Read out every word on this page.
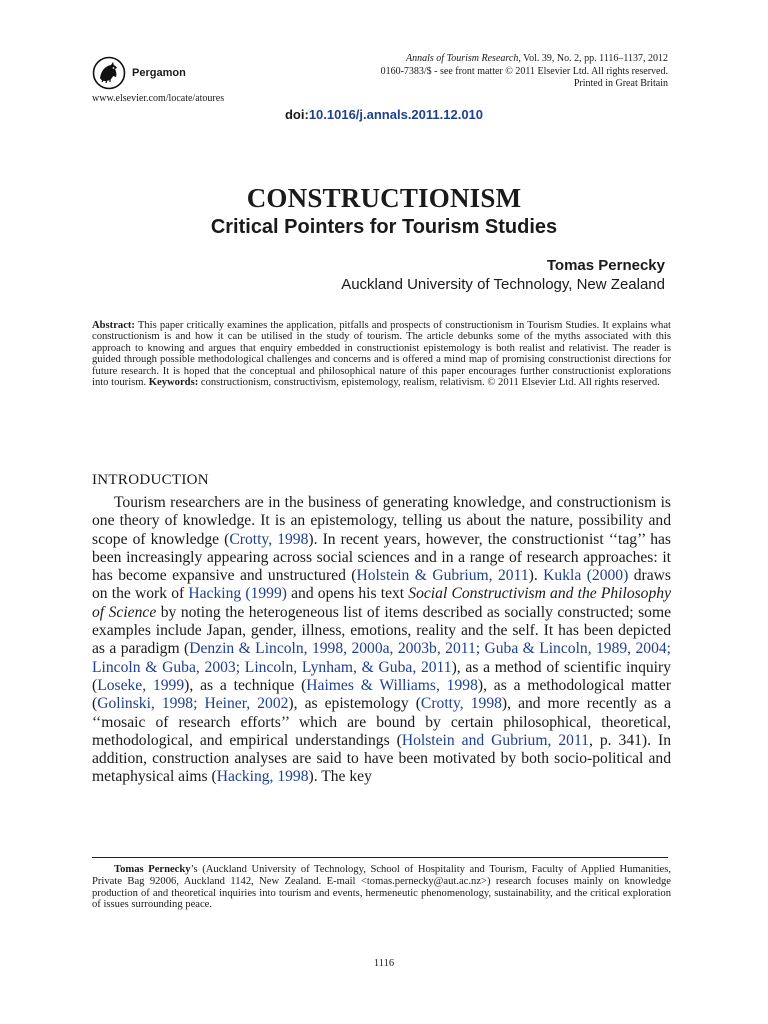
Pergamon
Annals of Tourism Research, Vol. 39, No. 2, pp. 1116–1137, 2012
0160-7383/$ - see front matter © 2011 Elsevier Ltd. All rights reserved.
Printed in Great Britain
www.elsevier.com/locate/atoures
doi:10.1016/j.annals.2011.12.010
CONSTRUCTIONISM
Critical Pointers for Tourism Studies
Tomas Pernecky
Auckland University of Technology, New Zealand
Abstract: This paper critically examines the application, pitfalls and prospects of constructionism in Tourism Studies. It explains what constructionism is and how it can be utilised in the study of tourism. The article debunks some of the myths associated with this approach to knowing and argues that enquiry embedded in constructionist epistemology is both realist and relativist. The reader is guided through possible methodological challenges and concerns and is offered a mind map of promising constructionist directions for future research. It is hoped that the conceptual and philosophical nature of this paper encourages further constructionist explorations into tourism. Keywords: constructionism, constructivism, epistemology, realism, relativism. © 2011 Elsevier Ltd. All rights reserved.
INTRODUCTION
Tourism researchers are in the business of generating knowledge, and constructionism is one theory of knowledge. It is an epistemology, telling us about the nature, possibility and scope of knowledge (Crotty, 1998). In recent years, however, the constructionist ‘‘tag’’ has been increasingly appearing across social sciences and in a range of research approaches: it has become expansive and unstructured (Holstein & Gubrium, 2011). Kukla (2000) draws on the work of Hacking (1999) and opens his text Social Constructivism and the Philosophy of Science by noting the heterogeneous list of items described as socially constructed; some examples include Japan, gender, illness, emotions, reality and the self. It has been depicted as a paradigm (Denzin & Lincoln, 1998, 2000a, 2003b, 2011; Guba & Lincoln, 1989, 2004; Lincoln & Guba, 2003; Lincoln, Lynham, & Guba, 2011), as a method of scientific inquiry (Loseke, 1999), as a technique (Haimes & Williams, 1998), as a methodological matter (Golinski, 1998; Heiner, 2002), as epistemology (Crotty, 1998), and more recently as a ‘‘mosaic of research efforts’’ which are bound by certain philosophical, theoretical, methodological, and empirical understandings (Holstein and Gubrium, 2011, p. 341). In addition, construction analyses are said to have been motivated by both socio-political and metaphysical aims (Hacking, 1998). The key
Tomas Pernecky’s (Auckland University of Technology, School of Hospitality and Tourism, Faculty of Applied Humanities, Private Bag 92006, Auckland 1142, New Zealand. E-mail <tomas.pernecky@aut.ac.nz>) research focuses mainly on knowledge production of and theoretical inquiries into tourism and events, hermeneutic phenomenology, sustainability, and the critical exploration of issues surrounding peace.
1116
